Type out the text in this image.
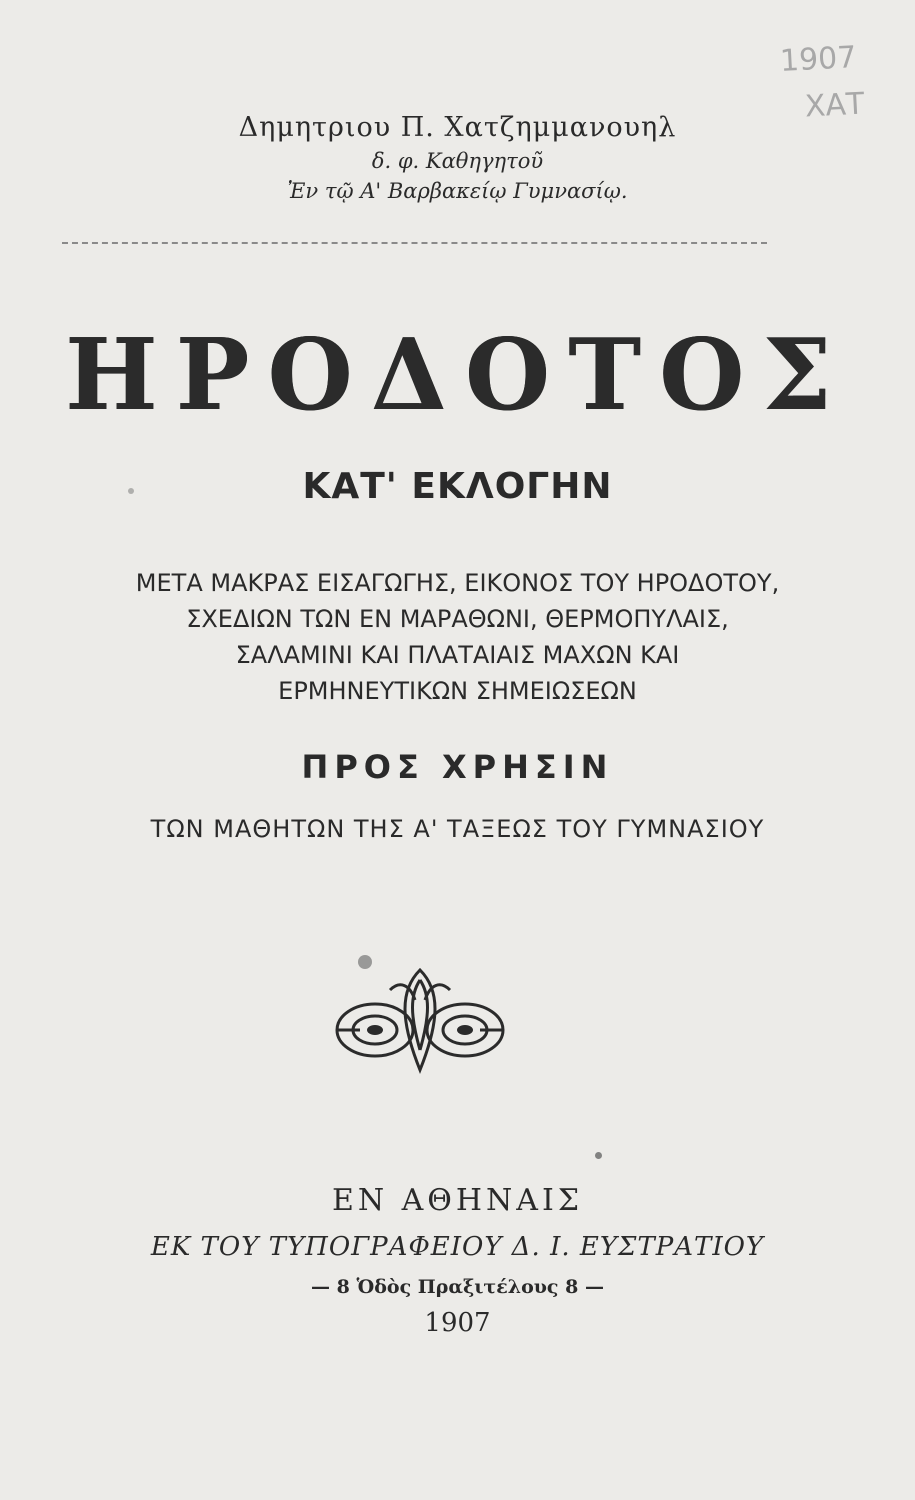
1907
ΧΑΤ
Δημητριου Π. Χατζημμανουηλ
δ. φ. Καθηγητοῦ
Ἐν τῷ Α' Βαρβακείῳ Γυμνασίῳ.
ΗΡΟΔΟΤΟΣ
ΚΑΤ' ΕΚΛΟΓΗΝ
ΜΕΤΑ ΜΑΚΡΑΣ ΕΙΣΑΓΩΓΗΣ, ΕΙΚΟΝΟΣ ΤΟΥ ΗΡΟΔΟΤΟΥ,
ΣΧΕΔΙΩΝ ΤΩΝ ΕΝ ΜΑΡΑΘΩΝΙ, ΘΕΡΜΟΠΥΛΑΙΣ,
ΣΑΛΑΜΙΝΙ ΚΑΙ ΠΛΑΤΑΙΑΙΣ ΜΑΧΩΝ ΚΑΙ
ΕΡΜΗΝΕΥΤΙΚΩΝ ΣΗΜΕΙΩΣΕΩΝ
ΠΡΟΣ ΧΡΗΣΙΝ
ΤΩΝ ΜΑΘΗΤΩΝ ΤΗΣ Α' ΤΑΞΕΩΣ ΤΟΥ ΓΥΜΝΑΣΙΟΥ
ΕΝ ΑΘΗΝΑΙΣ
ΕΚ ΤΟΥ ΤΥΠΟΓΡΑΦΕΙΟΥ Δ. Ι. ΕΥΣΤΡΑΤΙΟΥ
— 8 Ὁδὸς Πραξιτέλους 8 —
1907
